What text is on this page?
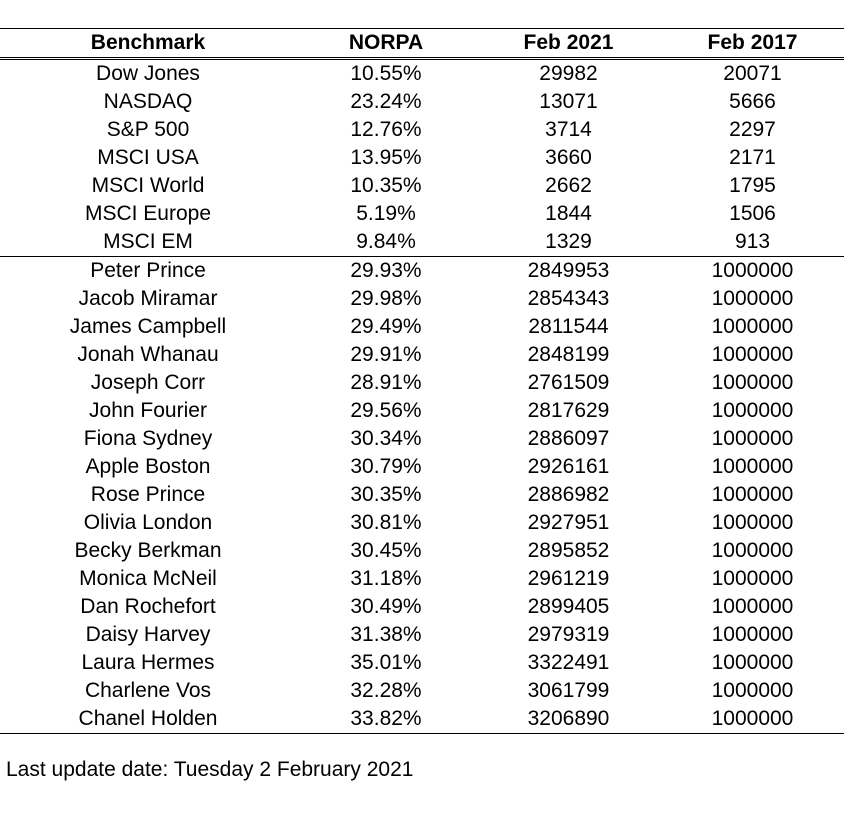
Benchmark	NORPA	Feb 2021	Feb 2017
Dow Jones	10.55%	29982	20071
NASDAQ	23.24%	13071	5666
S&P 500	12.76%	3714	2297
MSCI USA	13.95%	3660	2171
MSCI World	10.35%	2662	1795
MSCI Europe	5.19%	1844	1506
MSCI EM	9.84%	1329	913
Peter Prince	29.93%	2849953	1000000
Jacob Miramar	29.98%	2854343	1000000
James Campbell	29.49%	2811544	1000000
Jonah Whanau	29.91%	2848199	1000000
Joseph Corr	28.91%	2761509	1000000
John Fourier	29.56%	2817629	1000000
Fiona Sydney	30.34%	2886097	1000000
Apple Boston	30.79%	2926161	1000000
Rose Prince	30.35%	2886982	1000000
Olivia London	30.81%	2927951	1000000
Becky Berkman	30.45%	2895852	1000000
Monica McNeil	31.18%	2961219	1000000
Dan Rochefort	30.49%	2899405	1000000
Daisy Harvey	31.38%	2979319	1000000
Laura Hermes	35.01%	3322491	1000000
Charlene Vos	32.28%	3061799	1000000
Chanel Holden	33.82%	3206890	1000000
Last update date: Tuesday 2 February 2021
